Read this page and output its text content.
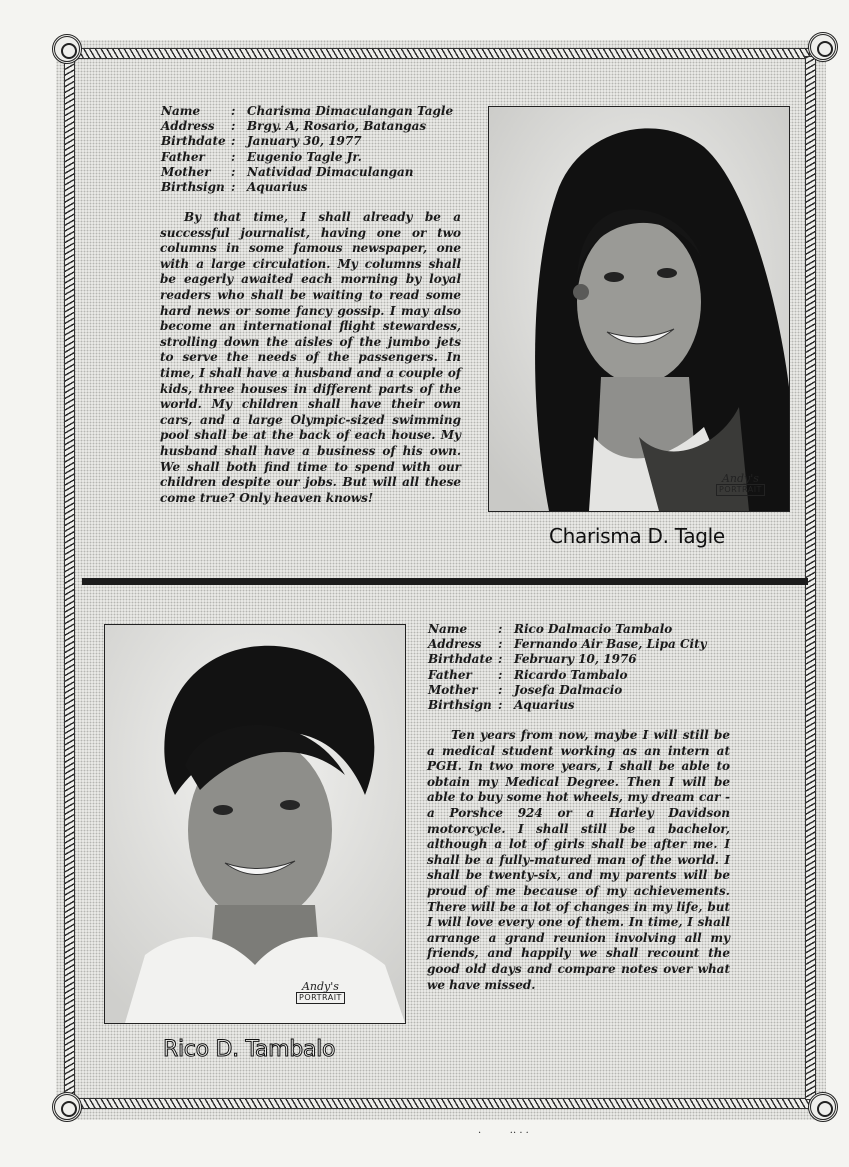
Name	:	Charisma Dimaculangan Tagle
Address	:	Brgy. A, Rosario, Batangas
Birthdate	:	January 30, 1977
Father	:	Eugenio Tagle Jr.
Mother	:	Natividad Dimaculangan
Birthsign	:	Aquarius

By that time, I shall already be a successful journalist, having one or two columns in some famous newspaper, one with a large circulation. My columns shall be eagerly awaited each morning by loyal readers who shall be waiting to read some hard news or some fancy gossip. I may also become an international flight stewardess, strolling down the aisles of the jumbo jets to serve the needs of the passengers. In time, I shall have a husband and a couple of kids, three houses in different parts of the world. My children shall have their own cars, and a large Olympic-sized swimming pool shall be at the back of each house. My husband shall have a business of his own. We shall both find time to spend with our children despite our jobs. But will all these come true? Only heaven knows!

Andy's
PORTRAIT
Charisma D. Tagle
Andy's
PORTRAIT
Rico D. Tambalo
Name	:	Rico Dalmacio Tambalo
Address	:	Fernando Air Base, Lipa City
Birthdate	:	February 10, 1976
Father	:	Ricardo Tambalo
Mother	:	Josefa Dalmacio
Birthsign	:	Aquarius

Ten years from now, maybe I will still be a medical student working as an intern at PGH. In two more years, I shall be able to obtain my Medical Degree. Then I will be able to buy some hot wheels, my dream car - a Porshce 924 or a Harley Davidson motorcycle. I shall still be a bachelor, although a lot of girls shall be after me. I shall be a fully-matured man of the world. I shall be twenty-six, and my parents will be proud of me because of my achievements. There will be a lot of changes in my life, but I will love every one of them. In time, I shall arrange a grand reunion involving all my friends, and happily we shall recount the good old days and compare notes over what we have missed.

·         ·· · ·
